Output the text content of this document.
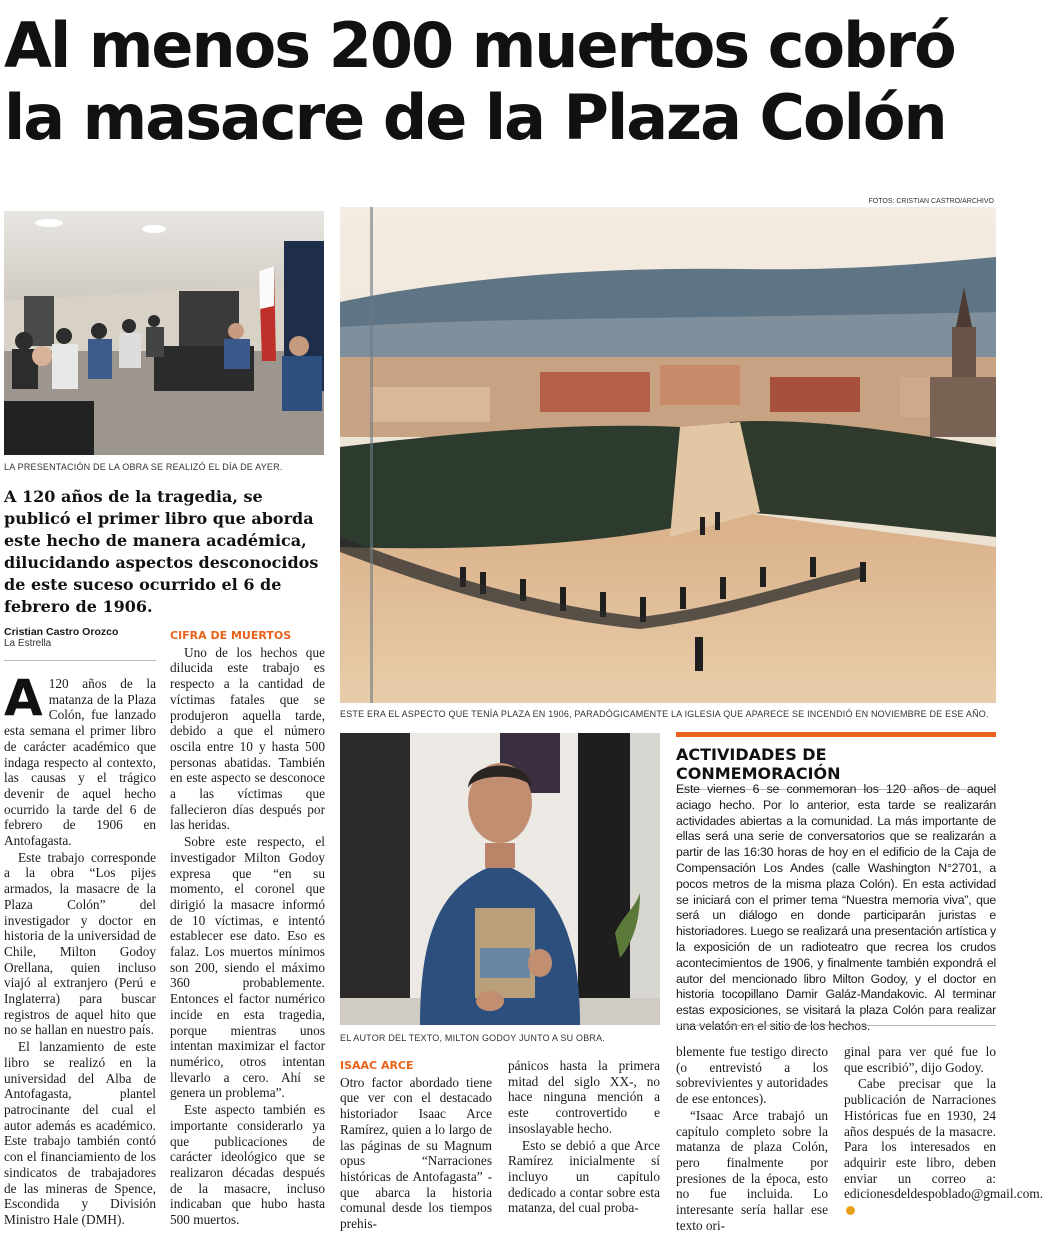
Al menos 200 muertos cobró
la masacre de la Plaza Colón
FOTOS: CRISTIAN CASTRO/ARCHIVO
LA PRESENTACIÓN DE LA OBRA SE REALIZÓ EL DÍA DE AYER.
ESTE ERA EL ASPECTO QUE TENÍA PLAZA EN 1906, PARADÓGICAMENTE LA IGLESIA QUE APARECE SE INCENDIÓ EN NOVIEMBRE DE ESE AÑO.
A 120 años de la tragedia, se publicó el primer libro que aborda este hecho de manera académica, dilucidando aspectos desconocidos de este suceso ocurrido el 6 de febrero de 1906.
Cristian Castro Orozco
La Estrella

A 120 años de la matanza de la Plaza Colón, fue lanzado esta semana el primer libro de carácter académico que indaga respecto al contexto, las causas y el trágico devenir de aquel hecho ocurrido la tarde del 6 de febrero de 1906 en Antofagasta.

Este trabajo corresponde a la obra “Los pijes armados, la masacre de la Plaza Colón” del investigador y doctor en historia de la universidad de Chile, Milton Godoy Orellana, quien incluso viajó al extranjero (Perú e Inglaterra) para buscar registros de aquel hito que no se hallan en nuestro país.

El lanzamiento de este libro se realizó en la universidad del Alba de Antofagasta, plantel patrocinante del cual el autor además es académico. Este trabajo también contó con el financiamiento de los sindicatos de trabajadores de las mineras de Spence, Escondida y División Ministro Hale (DMH).

CIFRA DE MUERTOS

Uno de los hechos que dilucida este trabajo es respecto a la cantidad de víctimas fatales que se produjeron aquella tarde, debido a que el número oscila entre 10 y hasta 500 personas abatidas. También en este aspecto se desconoce a las víctimas que fallecieron días después por las heridas.

Sobre este respecto, el investigador Milton Godoy expresa que “en su momento, el coronel que dirigió la masacre informó de 10 víctimas, e intentó establecer ese dato. Eso es falaz. Los muertos mínimos son 200, siendo el máximo 360 probablemente. Entonces el factor numérico incide en esta tragedia, porque mientras unos intentan maximizar el factor numérico, otros intentan llevarlo a cero. Ahí se genera un problema”.

Este aspecto también es importante considerarlo ya que publicaciones de carácter ideológico que se realizaron décadas después de la masacre, incluso indicaban que hubo hasta 500 muertos.

EL AUTOR DEL TEXTO, MILTON GODOY JUNTO A SU OBRA.
ACTIVIDADES DE CONMEMORACIÓN
Este viernes 6 se conmemoran los 120 años de aquel aciago hecho. Por lo anterior, esta tarde se realizarán actividades abiertas a la comunidad. La más importante de ellas será una serie de conversatorios que se realizarán a partir de las 16:30 horas de hoy en el edificio de la Caja de Compensación Los Andes (calle Washington N°2701, a pocos metros de la misma plaza Colón). En esta actividad se iniciará con el primer tema “Nuestra memoria viva”, que será un diálogo en donde participarán juristas e historiadores. Luego se realizará una presentación artística y la exposición de un radioteatro que recrea los crudos acontecimientos de 1906, y finalmente también expondrá el autor del mencionado libro Milton Godoy, y el doctor en historia tocopillano Damir Galáz-Mandakovic. Al terminar estas exposiciones, se visitará la plaza Colón para realizar
ISAAC ARCE

Otro factor abordado tiene que ver con el destacado historiador Isaac Arce Ramírez, quien a lo largo de las páginas de su Magnum opus “Narraciones históricas de Antofagasta” -que abarca la historia comunal desde los tiempos prehis-

pánicos hasta la primera mitad del siglo XX-, no hace ninguna mención a este controvertido e insoslayable hecho.

Esto se debió a que Arce Ramírez inicialmente sí incluyo un capítulo dedicado a contar sobre esta matanza, del cual proba-

blemente fue testigo directo (o entrevistó a los sobrevivientes y autoridades de ese entonces).

“Isaac Arce trabajó un capítulo completo sobre la matanza de plaza Colón, pero finalmente por presiones de la época, esto no fue incluida. Lo interesante sería hallar ese texto ori-

ginal para ver qué fue lo que escribió”, dijo Godoy.

Cabe precisar que la publicación de Narraciones Históricas fue en 1930, 24 años después de la masacre. Para los interesados en adquirir este libro, deben enviar un correo a: edicionesdeldespoblado@gmail.com.
